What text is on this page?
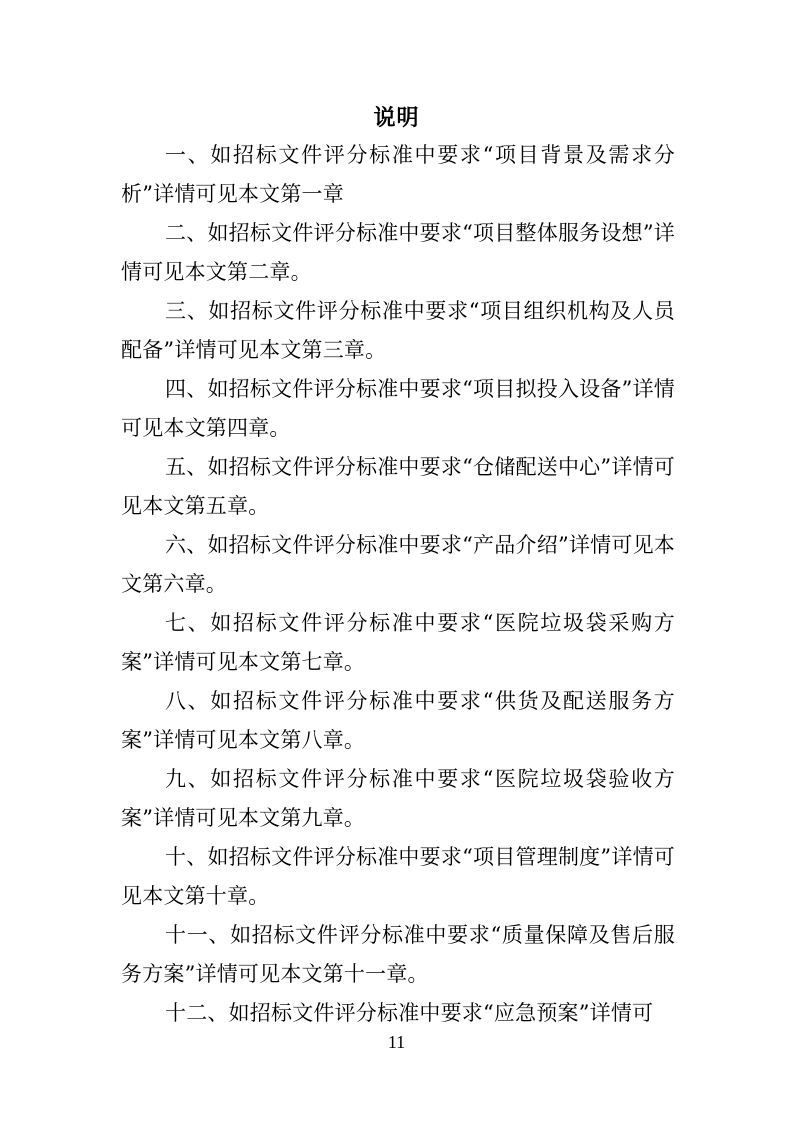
说明

一、如招标文件评分标准中要求“项目背景及需求分析”详情可见本文第一章

二、如招标文件评分标准中要求“项目整体服务设想”详情可见本文第二章。

三、如招标文件评分标准中要求“项目组织机构及人员配备”详情可见本文第三章。

四、如招标文件评分标准中要求“项目拟投入设备”详情可见本文第四章。

五、如招标文件评分标准中要求“仓储配送中心”详情可见本文第五章。

六、如招标文件评分标准中要求“产品介绍”详情可见本文第六章。

七、如招标文件评分标准中要求“医院垃圾袋采购方案”详情可见本文第七章。

八、如招标文件评分标准中要求“供货及配送服务方案”详情可见本文第八章。

九、如招标文件评分标准中要求“医院垃圾袋验收方案”详情可见本文第九章。

十、如招标文件评分标准中要求“项目管理制度”详情可见本文第十章。

十一、如招标文件评分标准中要求“质量保障及售后服务方案”详情可见本文第十一章。

十二、如招标文件评分标准中要求“应急预案”详情可

11
